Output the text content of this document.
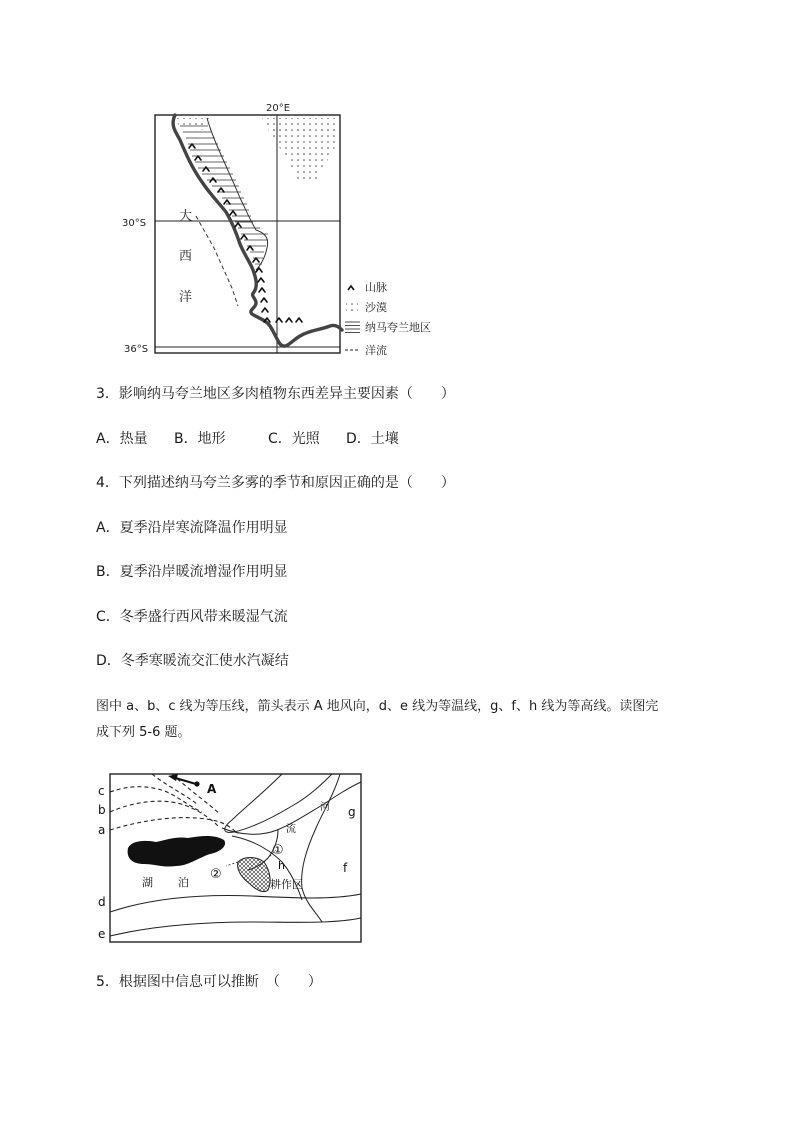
20°E
30°S
36°S
大
西
洋
山脉
沙漠
纳马夸兰地区
洋流
3．影响纳马夸兰地区多肉植物东西差异主要因素（　　）
A．热量 B．地形	C．光照 D．土壤
4．下列描述纳马夸兰多雾的季节和原因正确的是（　　）
A．夏季沿岸寒流降温作用明显
B．夏季沿岸暖流增湿作用明显
C．冬季盛行西风带来暖湿气流
D．冬季寒暖流交汇使水汽凝结
图中 a、b、c 线为等压线，箭头表示 A 地风向，d、e 线为等温线，g、f、h 线为等高线。读图完
成下列 5-6 题。
A
c
b
a
d
e
g
f
h
河
流
湖 泊
①
②
耕作区
5．根据图中信息可以推断　（　　）
